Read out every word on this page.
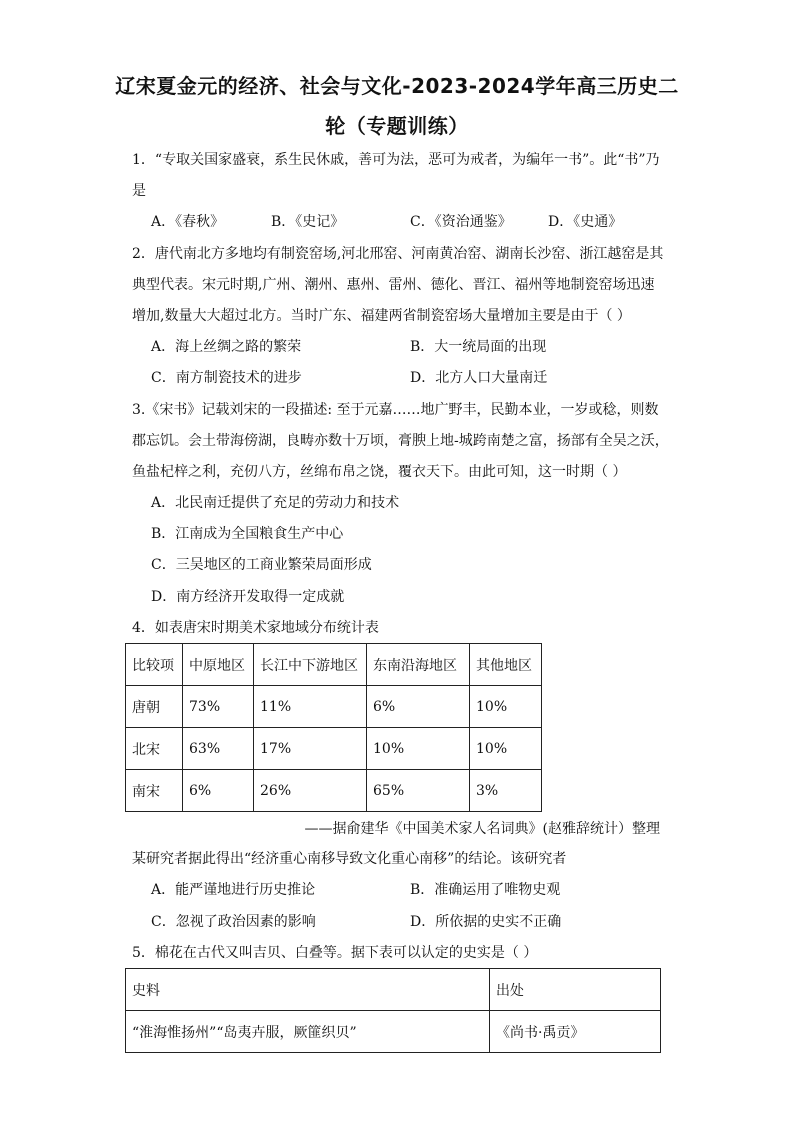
辽宋夏金元的经济、社会与文化-2023-2024学年高三历史二
轮（专题训练）
1．“专取关国家盛衰，系生民休戚，善可为法，恶可为戒者，为编年一书”。此“书”乃
是
A．《春秋》	B．《史记》	C．《资治通鉴》	D．《史通》
2．唐代南北方多地均有制瓷窑场,河北邢窑、河南黄冶窑、湖南长沙窑、浙江越窑是其
典型代表。宋元时期,广州、潮州、惠州、雷州、德化、晋江、福州等地制瓷窑场迅速
增加,数量大大超过北方。当时广东、福建两省制瓷窑场大量增加主要是由于（ ）
A．海上丝绸之路的繁荣	B．大一统局面的出现
C．南方制瓷技术的进步	D．北方人口大量南迁
3.《宋书》记载刘宋的一段描述: 至于元嘉……地广野丰，民勤本业，一岁或稔，则数
郡忘饥。会土带海傍湖，良畴亦数十万顷，膏腴上地-城跨南楚之富，扬部有全吴之沃，
鱼盐杞梓之利，充仞八方，丝绵布帛之饶，覆衣天下。由此可知，这一时期（ ）
A．北民南迁提供了充足的劳动力和技术
B．江南成为全国粮食生产中心
C．三吴地区的工商业繁荣局面形成
D．南方经济开发取得一定成就
4．如表唐宋时期美术家地域分布统计表
比较项	中原地区	长江中下游地区	东南沿海地区	其他地区
唐朝	73%	11%	6%	10%
北宋	63%	17%	10%	10%
南宋	6%	26%	65%	3%
——据俞建华《中国美术家人名词典》(赵雅辞统计）整理
某研究者据此得出“经济重心南移导致文化重心南移”的结论。该研究者
A．能严谨地进行历史推论	B．准确运用了唯物史观
C．忽视了政治因素的影响	D．所依据的史实不正确
5．棉花在古代又叫吉贝、白叠等。据下表可以认定的史实是（ ）
史料	出处
“淮海惟扬州”“岛夷卉服，厥篚织贝”	《尚书·禹贡》
